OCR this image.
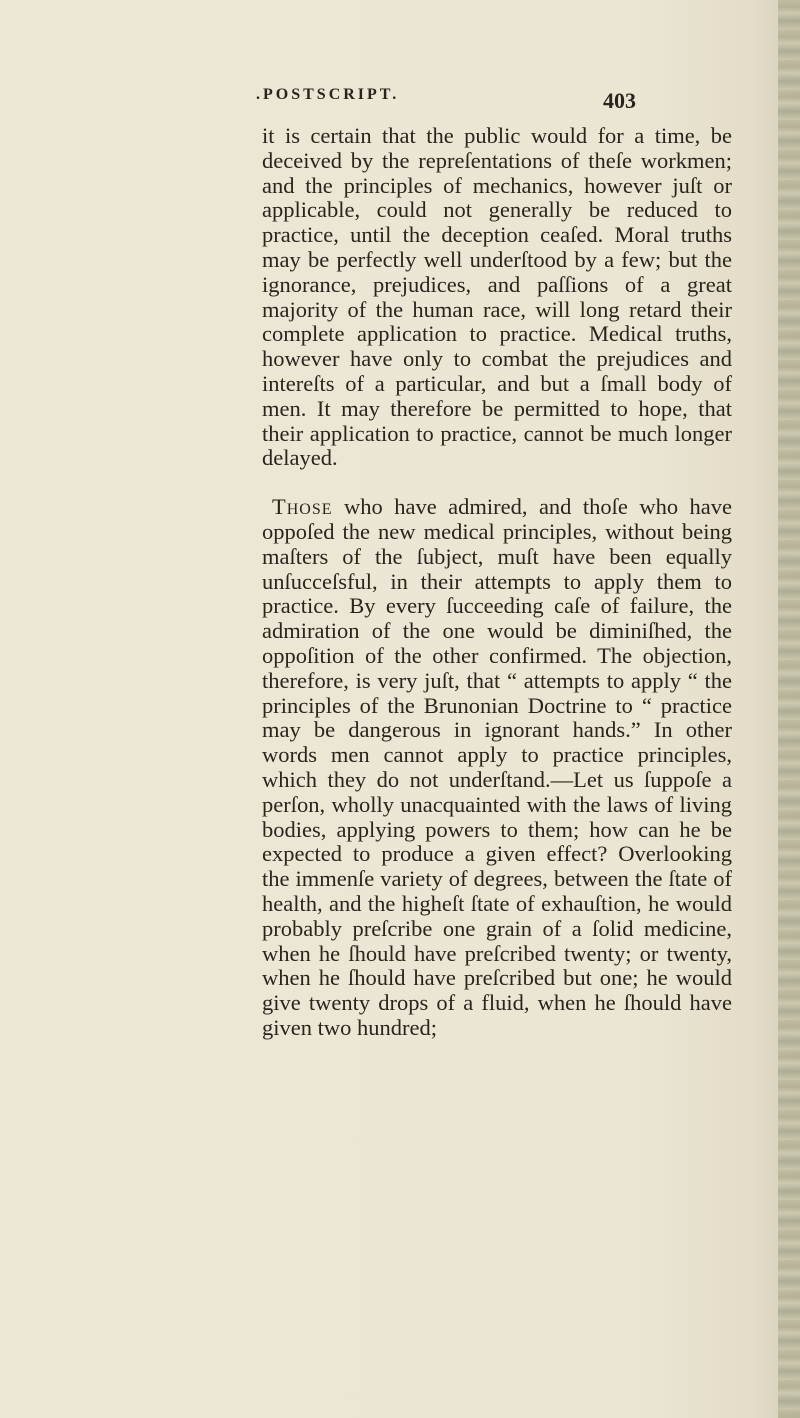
.POSTSCRIPT.	403

it is certain that the public would for a time, be deceived by the repreſentations of theſe workmen; and the principles of mechanics, however juſt or applicable, could not generally be reduced to practice, until the deception ceaſed. Moral truths may be perfectly well underſtood by a few; but the ignorance, prejudices, and paſſions of a great majority of the human race, will long retard their complete application to practice. Medical truths, however have only to combat the prejudices and intereſts of a particular, and but a ſmall body of men. It may therefore be permitted to hope, that their application to practice, cannot be much longer delayed.

Those who have admired, and thoſe who have oppoſed the new medical principles, without being maſters of the ſubject, muſt have been equally unſucceſsful, in their attempts to apply them to practice. By every ſucceeding caſe of failure, the admiration of the one would be diminiſhed, the oppoſition of the other confirmed. The objection, therefore, is very juſt, that “ attempts to apply “ the principles of the Brunonian Doctrine to “ practice may be dangerous in ignorant hands.” In other words men cannot apply to practice principles, which they do not underſtand.—Let us ſuppoſe a perſon, wholly unacquainted with the laws of living bodies, applying powers to them; how can he be expected to produce a given effect? Overlooking the immenſe variety of degrees, between the ſtate of health, and the higheſt ſtate of exhauſtion, he would probably preſcribe one grain of a ſolid medicine, when he ſhould have preſcribed twenty; or twenty, when he ſhould have preſcribed but one; he would give twenty drops of a fluid, when he ſhould have given two hundred;
